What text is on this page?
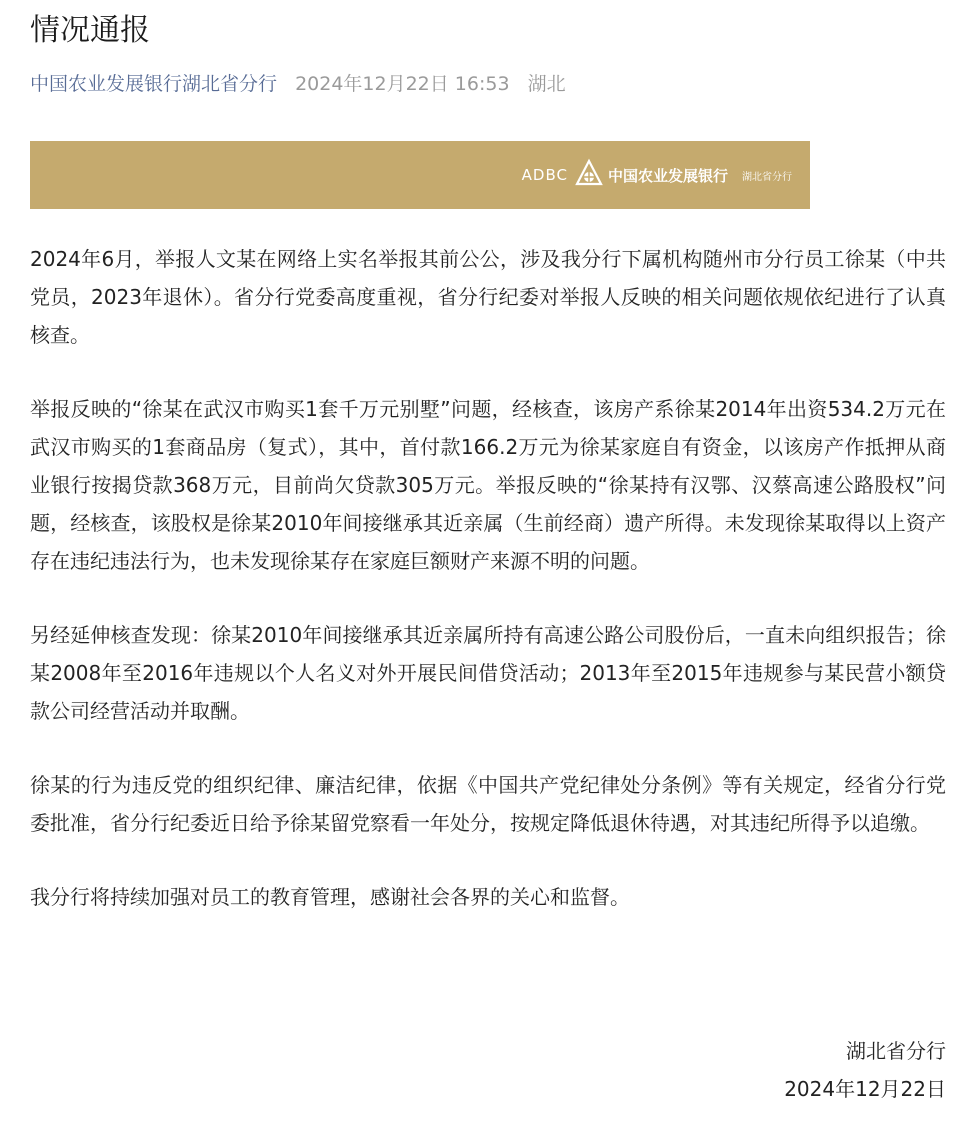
情况通报
中国农业发展银行湖北省分行 2024年12月22日 16:53 湖北
ADBC	中国农业发展银行 湖北省分行

2024年6月，举报人文某在网络上实名举报其前公公，涉及我分行下属机构随州市分行员工徐某（中共党员，2023年退休）。省分行党委高度重视，省分行纪委对举报人反映的相关问题依规依纪进行了认真核查。

举报反映的“徐某在武汉市购买1套千万元别墅”问题，经核查，该房产系徐某2014年出资534.2万元在武汉市购买的1套商品房（复式），其中，首付款166.2万元为徐某家庭自有资金，以该房产作抵押从商业银行按揭贷款368万元，目前尚欠贷款305万元。举报反映的“徐某持有汉鄂、汉蔡高速公路股权”问题，经核查，该股权是徐某2010年间接继承其近亲属（生前经商）遗产所得。未发现徐某取得以上资产存在违纪违法行为，也未发现徐某存在家庭巨额财产来源不明的问题。

另经延伸核查发现：徐某2010年间接继承其近亲属所持有高速公路公司股份后，一直未向组织报告；徐某2008年至2016年违规以个人名义对外开展民间借贷活动；2013年至2015年违规参与某民营小额贷款公司经营活动并取酬。

徐某的行为违反党的组织纪律、廉洁纪律，依据《中国共产党纪律处分条例》等有关规定，经省分行党委批准，省分行纪委近日给予徐某留党察看一年处分，按规定降低退休待遇，对其违纪所得予以追缴。

我分行将持续加强对员工的教育管理，感谢社会各界的关心和监督。

湖北省分行
2024年12月22日
